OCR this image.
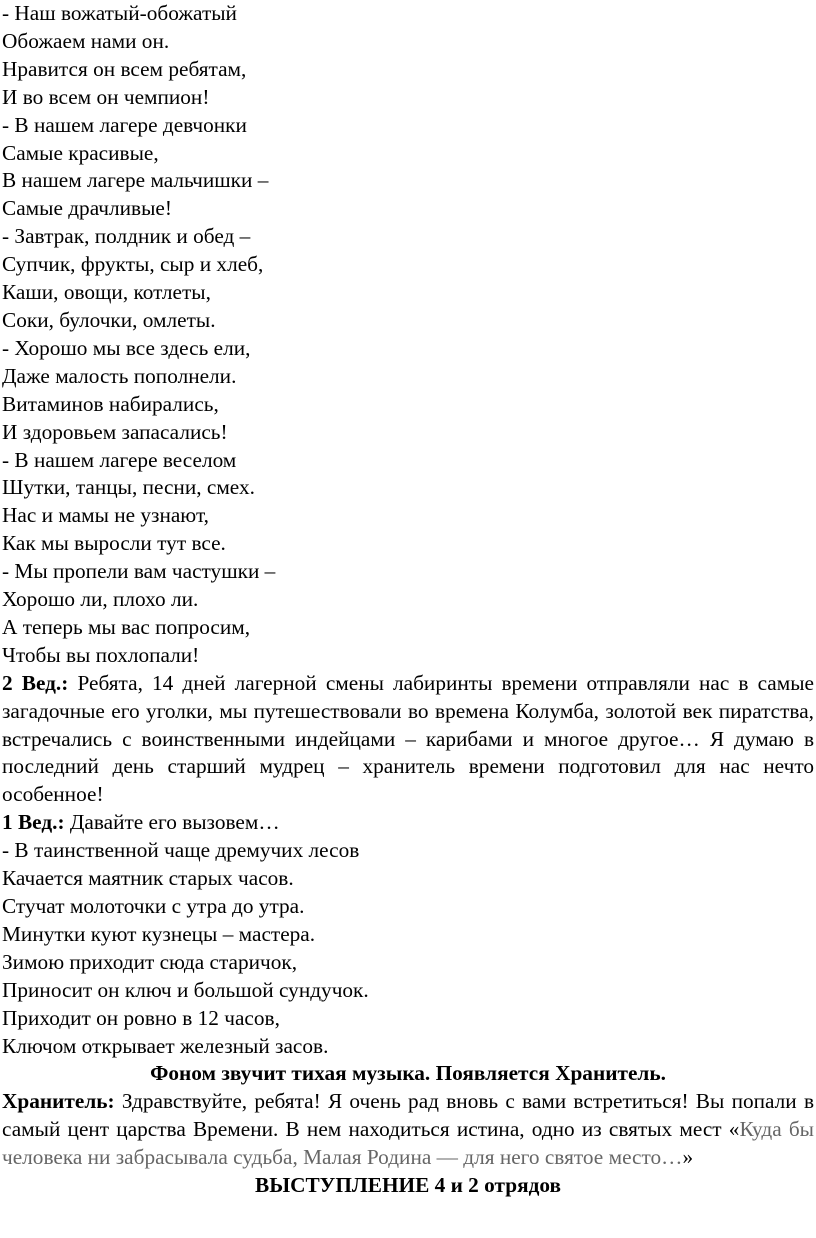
- Наш вожатый-обожатый
Обожаем нами он.
Нравится он всем ребятам,
И во всем он чемпион!
- В нашем лагере девчонки
Самые красивые,
В нашем лагере мальчишки –
Самые драчливые!
- Завтрак, полдник и обед –
Супчик, фрукты, сыр и хлеб,
Каши, овощи, котлеты,
Соки, булочки, омлеты.
- Хорошо мы все здесь ели,
Даже малость пополнели.
Витаминов набирались,
И здоровьем запасались!
- В нашем лагере веселом
Шутки, танцы, песни, смех.
Нас и мамы не узнают,
Как мы выросли тут все.
- Мы пропели вам частушки –
Хорошо ли, плохо ли.
А теперь мы вас попросим,
Чтобы вы похлопали!
2 Вед.: Ребята, 14 дней лагерной смены лабиринты времени отправляли нас в самые загадочные его уголки, мы путешествовали во времена Колумба, золотой век пиратства, встречались с воинственными индейцами – карибами и многое другое… Я думаю в последний день старший мудрец – хранитель времени подготовил для нас нечто особенное!
1 Вед.: Давайте его вызовем…
- В таинственной чаще дремучих лесов
Качается маятник старых часов.
Стучат молоточки с утра до утра.
Минутки куют кузнецы – мастера.
Зимою приходит сюда старичок,
Приносит он ключ и большой сундучок.
Приходит он ровно в 12 часов,
Ключом открывает железный засов.
Фоном звучит тихая музыка. Появляется Хранитель.
Хранитель: Здравствуйте, ребята! Я очень рад вновь с вами встретиться! Вы попали в самый цент царства Времени. В нем находиться истина, одно из святых мест «Куда бы человека ни забрасывала судьба, Малая Родина — для него святое место…»
ВЫСТУПЛЕНИЕ 4 и 2 отрядов
